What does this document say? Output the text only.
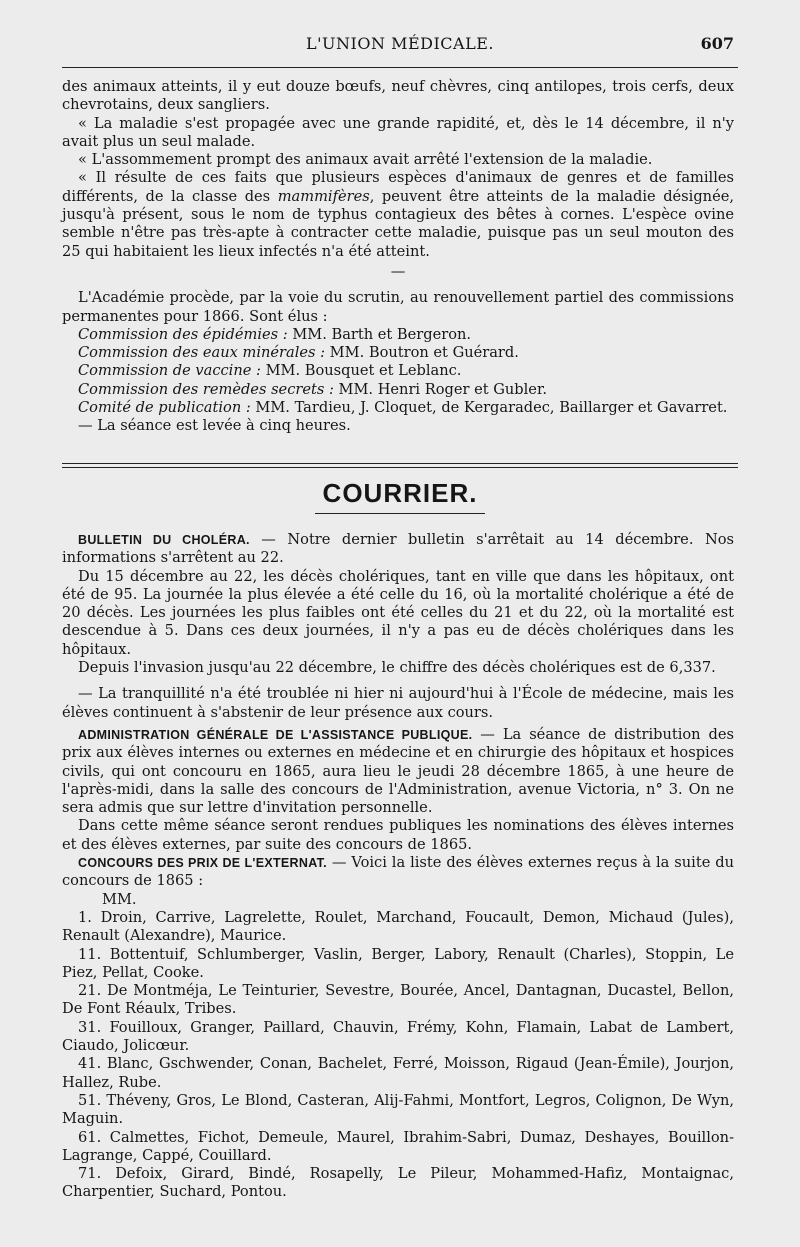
L'UNION MÉDICALE.	607

des animaux atteints, il y eut douze bœufs, neuf chèvres, cinq antilopes, trois cerfs, deux chevrotains, deux sangliers.

« La maladie s'est propagée avec une grande rapidité, et, dès le 14 décembre, il n'y avait plus un seul malade.

« L'assommement prompt des animaux avait arrêté l'extension de la maladie.

« Il résulte de ces faits que plusieurs espèces d'animaux de genres et de familles différents, de la classe des mammifères, peuvent être atteints de la maladie désignée, jusqu'à présent, sous le nom de typhus contagieux des bêtes à cornes. L'espèce ovine semble n'être pas très-apte à contracter cette maladie, puisque pas un seul mouton des 25 qui habitaient les lieux infectés n'a été atteint.

—

L'Académie procède, par la voie du scrutin, au renouvellement partiel des commissions permanentes pour 1866. Sont élus :

Commission des épidémies : MM. Barth et Bergeron.

Commission des eaux minérales : MM. Boutron et Guérard.

Commission de vaccine : MM. Bousquet et Leblanc.

Commission des remèdes secrets : MM. Henri Roger et Gubler.

Comité de publication : MM. Tardieu, J. Cloquet, de Kergaradec, Baillarger et Gavarret.

— La séance est levée à cinq heures.

COURRIER.

BULLETIN DU CHOLÉRA. — Notre dernier bulletin s'arrêtait au 14 décembre. Nos informations s'arrêtent au 22.

Du 15 décembre au 22, les décès cholériques, tant en ville que dans les hôpitaux, ont été de 95. La journée la plus élevée a été celle du 16, où la mortalité cholérique a été de 20 décès. Les journées les plus faibles ont été celles du 21 et du 22, où la mortalité est descendue à 5. Dans ces deux journées, il n'y a pas eu de décès cholériques dans les hôpitaux.

Depuis l'invasion jusqu'au 22 décembre, le chiffre des décès cholériques est de 6,337.

— La tranquillité n'a été troublée ni hier ni aujourd'hui à l'École de médecine, mais les élèves continuent à s'abstenir de leur présence aux cours.

ADMINISTRATION GÉNÉRALE DE L'ASSISTANCE PUBLIQUE. — La séance de distribution des prix aux élèves internes ou externes en médecine et en chirurgie des hôpitaux et hospices civils, qui ont concouru en 1865, aura lieu le jeudi 28 décembre 1865, à une heure de l'après-midi, dans la salle des concours de l'Administration, avenue Victoria, n° 3. On ne sera admis que sur lettre d'invitation personnelle.

Dans cette même séance seront rendues publiques les nominations des élèves internes et des élèves externes, par suite des concours de 1865.

CONCOURS DES PRIX DE L'EXTERNAT. — Voici la liste des élèves externes reçus à la suite du concours de 1865 :

MM.

1. Droin, Carrive, Lagrelette, Roulet, Marchand, Foucault, Demon, Michaud (Jules), Renault (Alexandre), Maurice.

11. Bottentuif, Schlumberger, Vaslin, Berger, Labory, Renault (Charles), Stoppin, Le Piez, Pellat, Cooke.

21. De Montméja, Le Teinturier, Sevestre, Bourée, Ancel, Dantagnan, Ducastel, Bellon, De Font Réaulx, Tribes.

31. Fouilloux, Granger, Paillard, Chauvin, Frémy, Kohn, Flamain, Labat de Lambert, Ciaudo, Jolicœur.

41. Blanc, Gschwender, Conan, Bachelet, Ferré, Moisson, Rigaud (Jean-Émile), Jourjon, Hallez, Rube.

51. Théveny, Gros, Le Blond, Casteran, Alij-Fahmi, Montfort, Legros, Colignon, De Wyn, Maguin.

61. Calmettes, Fichot, Demeule, Maurel, Ibrahim-Sabri, Dumaz, Deshayes, Bouillon-Lagrange, Cappé, Couillard.

71. Defoix, Girard, Bindé, Rosapelly, Le Pileur, Mohammed-Hafiz, Montaignac, Charpentier, Suchard, Pontou.
